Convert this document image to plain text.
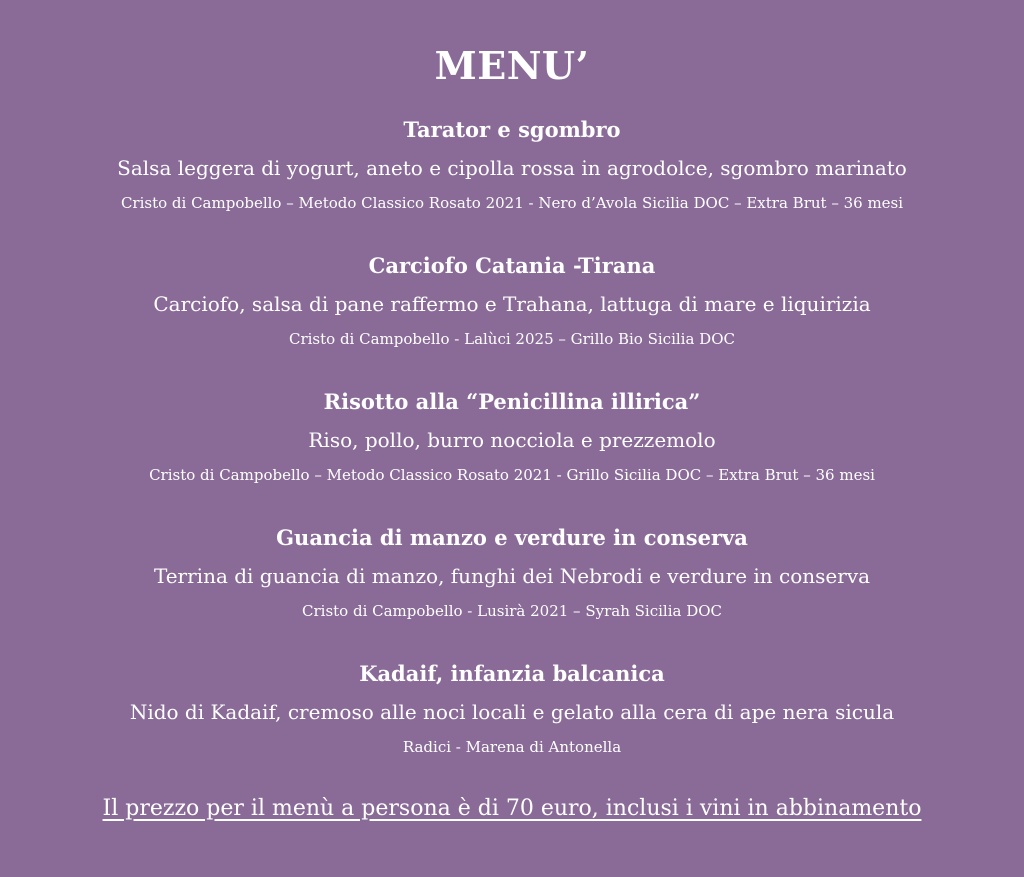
MENU’

Tarator e sgombro

Salsa leggera di yogurt, aneto e cipolla rossa in agrodolce, sgombro marinato

Cristo di Campobello – Metodo Classico Rosato 2021 - Nero d’Avola Sicilia DOC – Extra Brut – 36 mesi

Carciofo Catania -Tirana

Carciofo, salsa di pane raffermo e Trahana, lattuga di mare e liquirizia

Cristo di Campobello - Lalùci 2025 – Grillo Bio Sicilia DOC

Risotto alla “Penicillina illirica”

Riso, pollo, burro nocciola e prezzemolo

Cristo di Campobello – Metodo Classico Rosato 2021 - Grillo Sicilia DOC – Extra Brut – 36 mesi

Guancia di manzo e verdure in conserva

Terrina di guancia di manzo, funghi dei Nebrodi e verdure in conserva

Cristo di Campobello - Lusirà 2021 – Syrah Sicilia DOC

Kadaif, infanzia balcanica

Nido di Kadaif, cremoso alle noci locali e gelato alla cera di ape nera sicula

Radici - Marena di Antonella

Il prezzo per il menù a persona è di 70 euro, inclusi i vini in abbinamento
